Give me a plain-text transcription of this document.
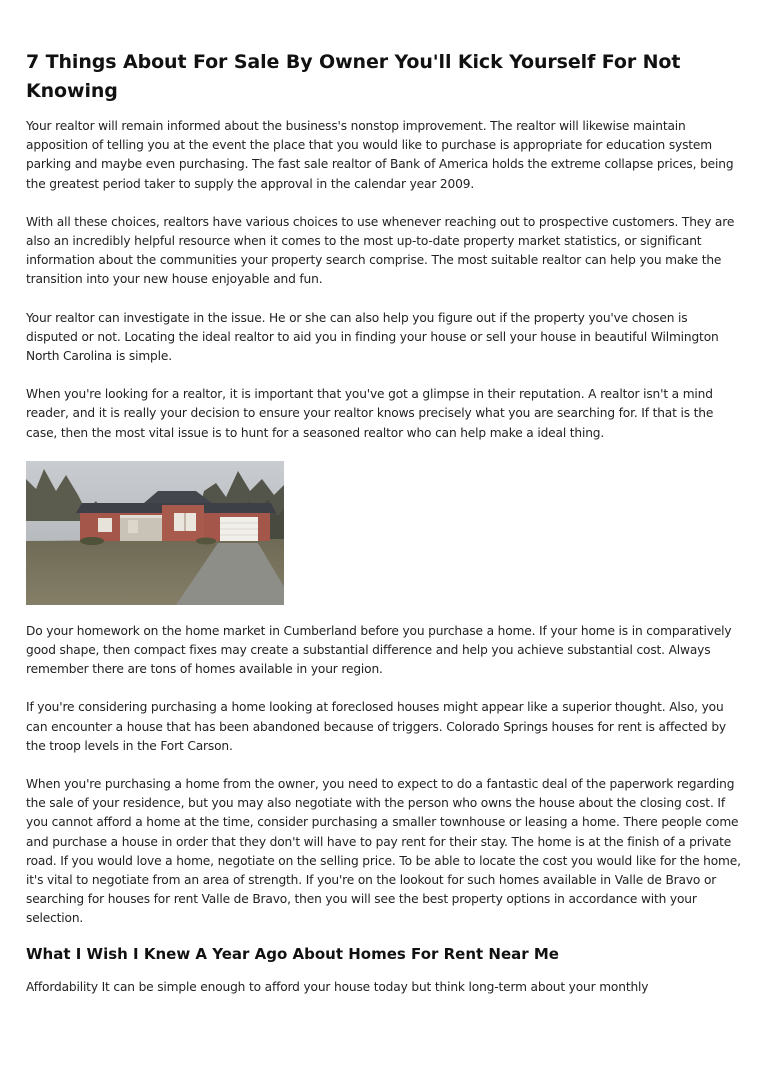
7 Things About For Sale By Owner You'll Kick Yourself For Not Knowing

Your realtor will remain informed about the business's nonstop improvement. The realtor will likewise maintain apposition of telling you at the event the place that you would like to purchase is appropriate for education system parking and maybe even purchasing. The fast sale realtor of Bank of America holds the extreme collapse prices, being the greatest period taker to supply the approval in the calendar year 2009.

With all these choices, realtors have various choices to use whenever reaching out to prospective customers. They are also an incredibly helpful resource when it comes to the most up-to-date property market statistics, or significant information about the communities your property search comprise. The most suitable realtor can help you make the transition into your new house enjoyable and fun.

Your realtor can investigate in the issue. He or she can also help you figure out if the property you've chosen is disputed or not. Locating the ideal realtor to aid you in finding your house or sell your house in beautiful Wilmington North Carolina is simple.

When you're looking for a realtor, it is important that you've got a glimpse in their reputation. A realtor isn't a mind reader, and it is really your decision to ensure your realtor knows precisely what you are searching for. If that is the case, then the most vital issue is to hunt for a seasoned realtor who can help make a ideal thing.

Do your homework on the home market in Cumberland before you purchase a home. If your home is in comparatively good shape, then compact fixes may create a substantial difference and help you achieve substantial cost. Always remember there are tons of homes available in your region.

If you're considering purchasing a home looking at foreclosed houses might appear like a superior thought. Also, you can encounter a house that has been abandoned because of triggers. Colorado Springs houses for rent is affected by the troop levels in the Fort Carson.

When you're purchasing a home from the owner, you need to expect to do a fantastic deal of the paperwork regarding the sale of your residence, but you may also negotiate with the person who owns the house about the closing cost. If you cannot afford a home at the time, consider purchasing a smaller townhouse or leasing a home. There people come and purchase a house in order that they don't will have to pay rent for their stay. The home is at the finish of a private road. If you would love a home, negotiate on the selling price. To be able to locate the cost you would like for the home, it's vital to negotiate from an area of strength. If you're on the lookout for such homes available in Valle de Bravo or searching for houses for rent Valle de Bravo, then you will see the best property options in accordance with your selection.

What I Wish I Knew A Year Ago About Homes For Rent Near Me

Affordability It can be simple enough to afford your house today but think long-term about your monthly
